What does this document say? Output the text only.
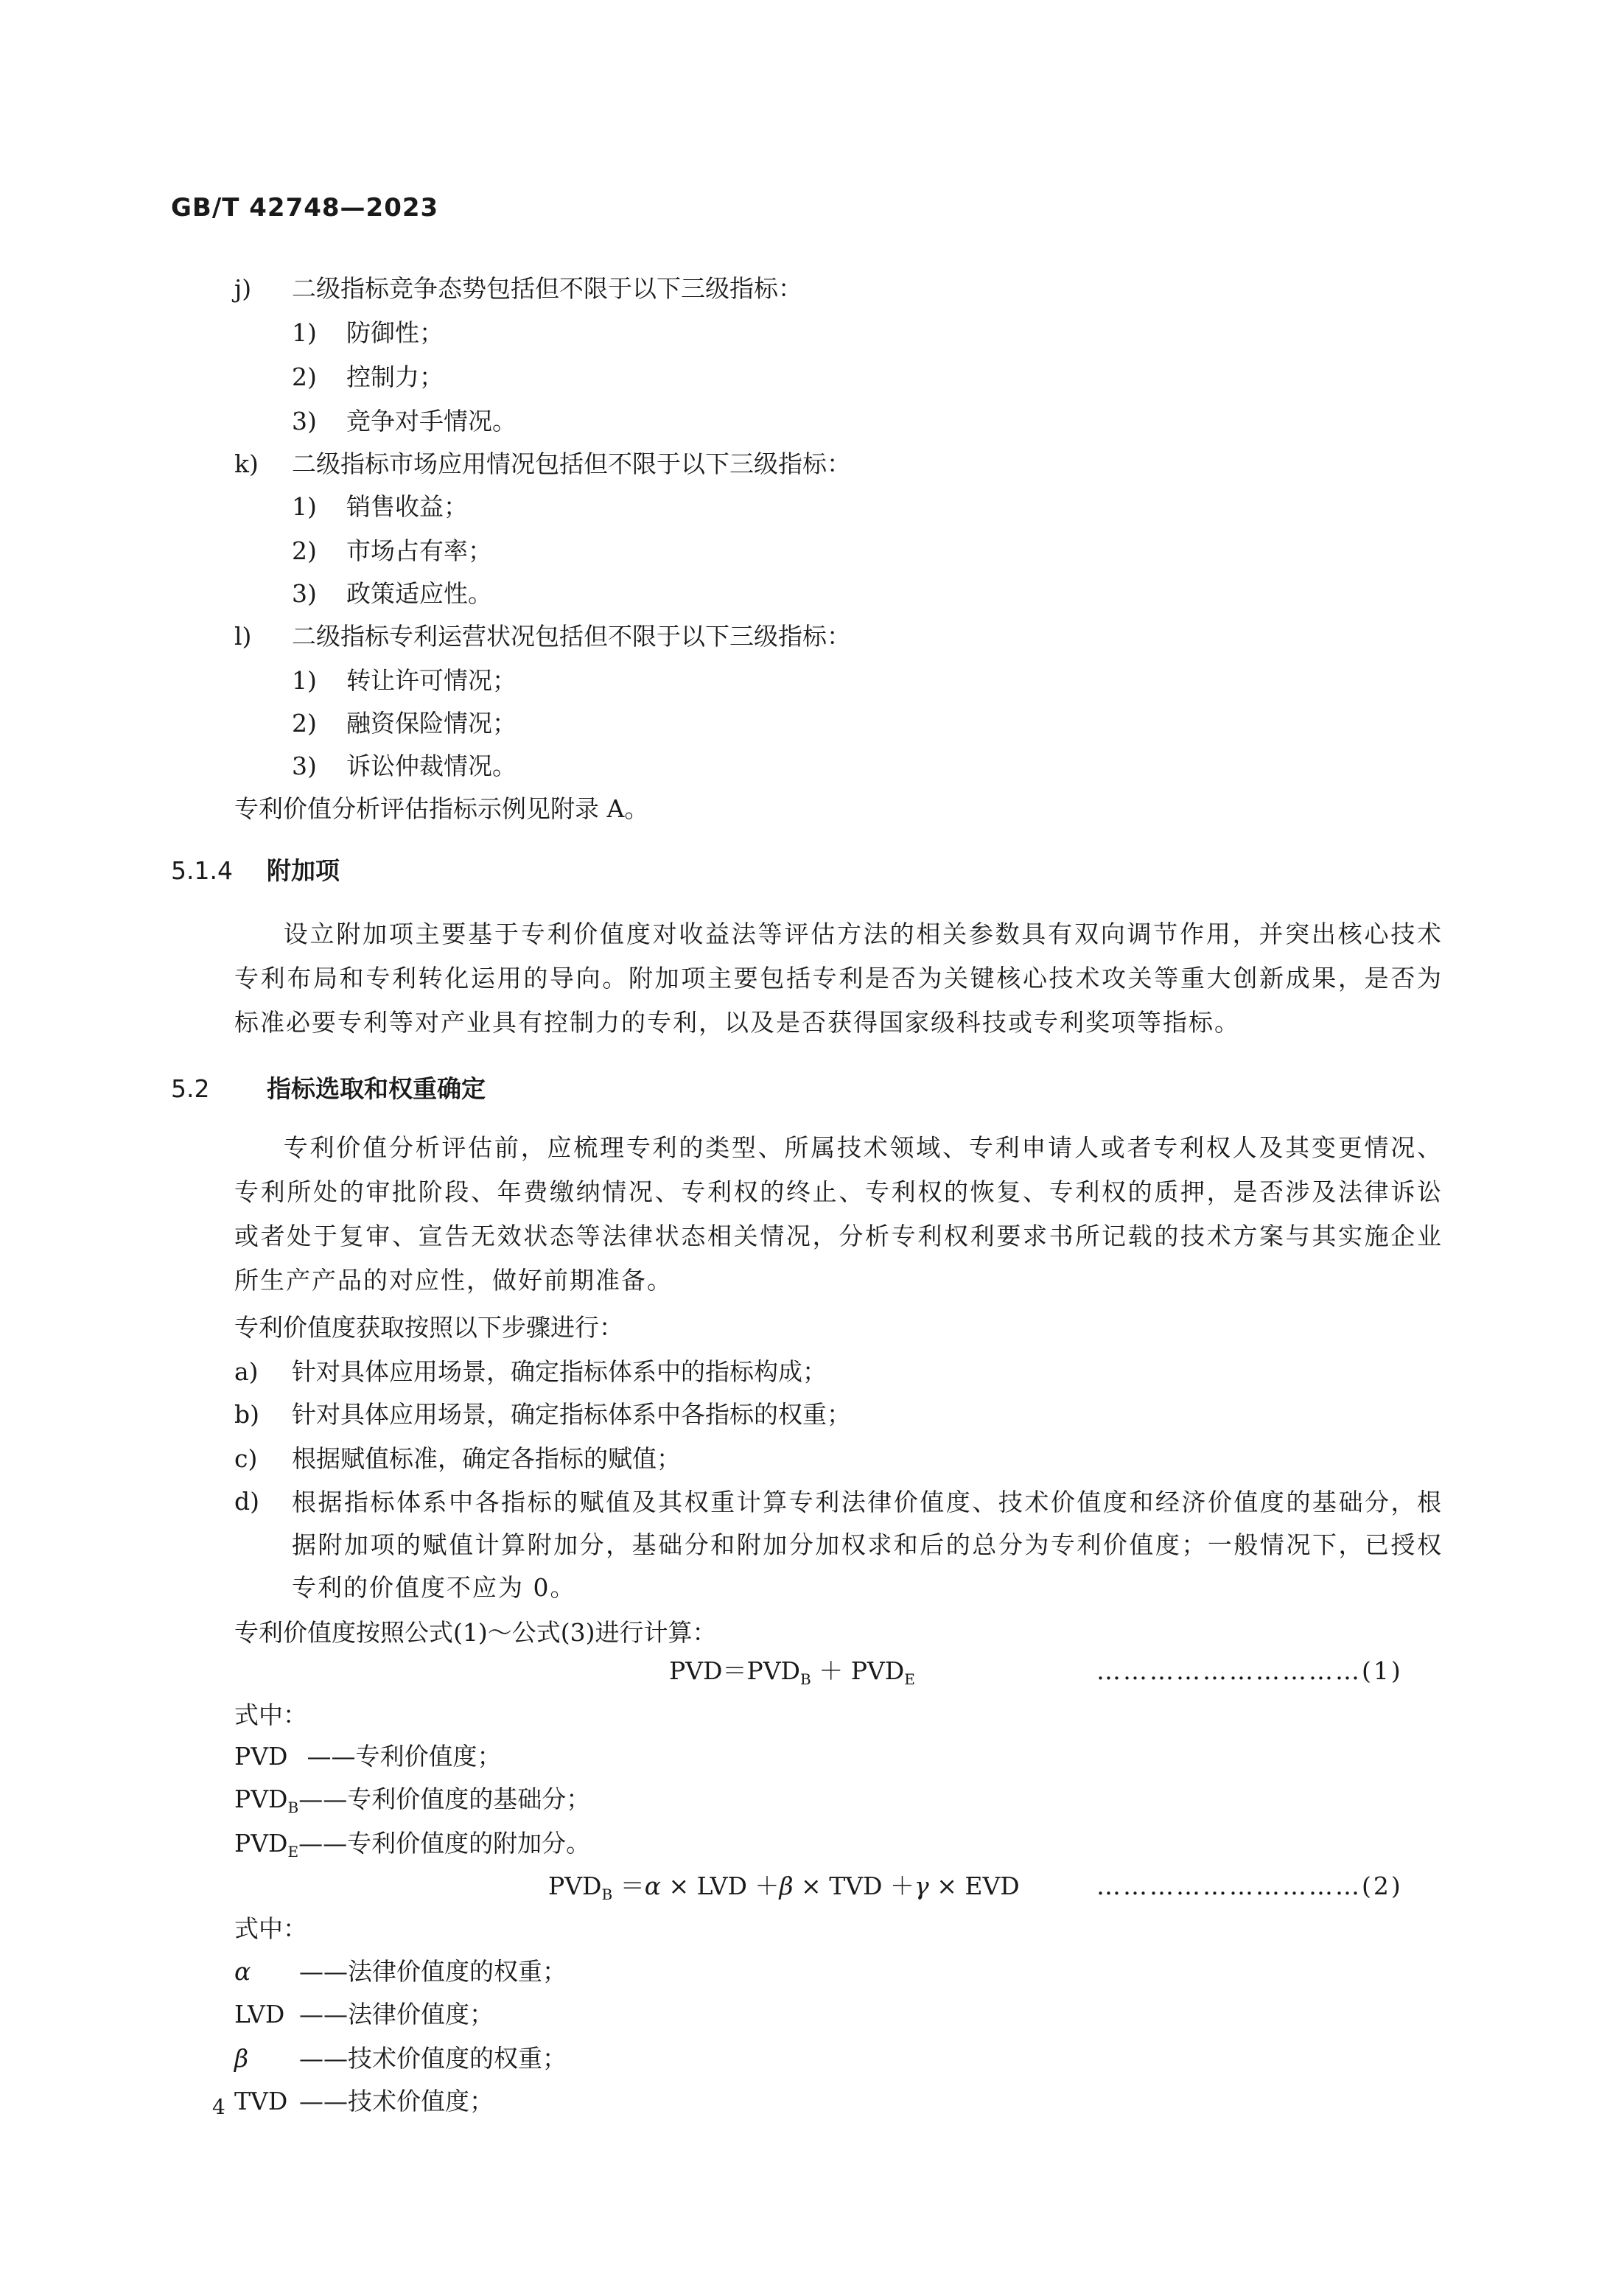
GB/T 42748—2023
j) 二级指标竞争态势包括但不限于以下三级指标：
1) 防御性；
2) 控制力；
3) 竞争对手情况。
k) 二级指标市场应用情况包括但不限于以下三级指标：
1) 销售收益；
2) 市场占有率；
3) 政策适应性。
l) 二级指标专利运营状况包括但不限于以下三级指标：
1) 转让许可情况；
2) 融资保险情况；
3) 诉讼仲裁情况。
专利价值分析评估指标示例见附录 A。
5.1.4 附加项
设立附加项主要基于专利价值度对收益法等评估方法的相关参数具有双向调节作用，并突出核心技术专利布局和专利转化运用的导向。附加项主要包括专利是否为关键核心技术攻关等重大创新成果，是否为标准必要专利等对产业具有控制力的专利，以及是否获得国家级科技或专利奖项等指标。
5.2 指标选取和权重确定
专利价值分析评估前，应梳理专利的类型、所属技术领域、专利申请人或者专利权人及其变更情况、专利所处的审批阶段、年费缴纳情况、专利权的终止、专利权的恢复、专利权的质押，是否涉及法律诉讼或者处于复审、宣告无效状态等法律状态相关情况，分析专利权利要求书所记载的技术方案与其实施企业所生产产品的对应性，做好前期准备。
专利价值度获取按照以下步骤进行：
a) 针对具体应用场景，确定指标体系中的指标构成；
b) 针对具体应用场景，确定指标体系中各指标的权重；
c) 根据赋值标准，确定各指标的赋值；
d) 根据指标体系中各指标的赋值及其权重计算专利法律价值度、技术价值度和经济价值度的基础分，根据附加项的赋值计算附加分，基础分和附加分加权求和后的总分为专利价值度；一般情况下，已授权专利的价值度不应为 0。
专利价值度按照公式(1)～公式(3)进行计算：
$PVD=PVD_B + PVD_E$	…………………………(1)
式中：
PVD ——专利价值度；
$PVD_B——$专利价值度的基础分；
$PVD_E——$专利价值度的附加分。
$PVD_B =\alpha$ × LVD ＋β × TVD ＋γ × EVD	…………………………(2)
式中：
α ——法律价值度的权重；
LVD ——法律价值度；
β ——技术价值度的权重；
TVD ——技术价值度；
4
